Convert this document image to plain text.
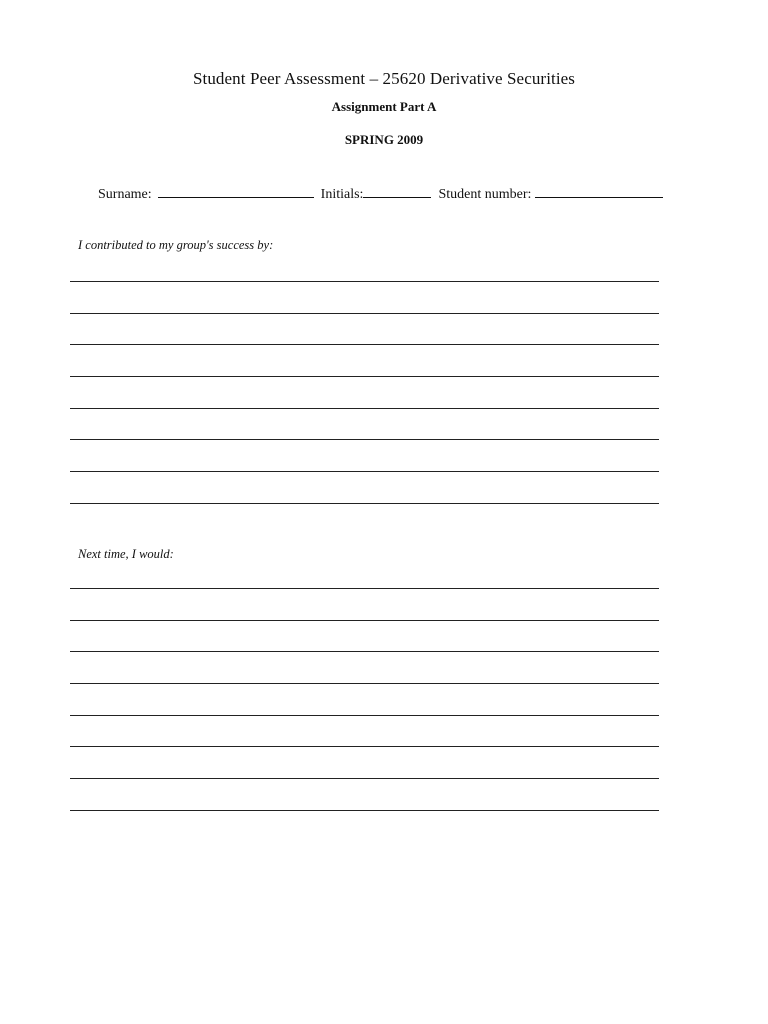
Student Peer Assessment – 25620 Derivative Securities
Assignment Part A
SPRING 2009
Surname:	Initials:	Student number:
I contributed to my group's success by:
Next time, I would:
